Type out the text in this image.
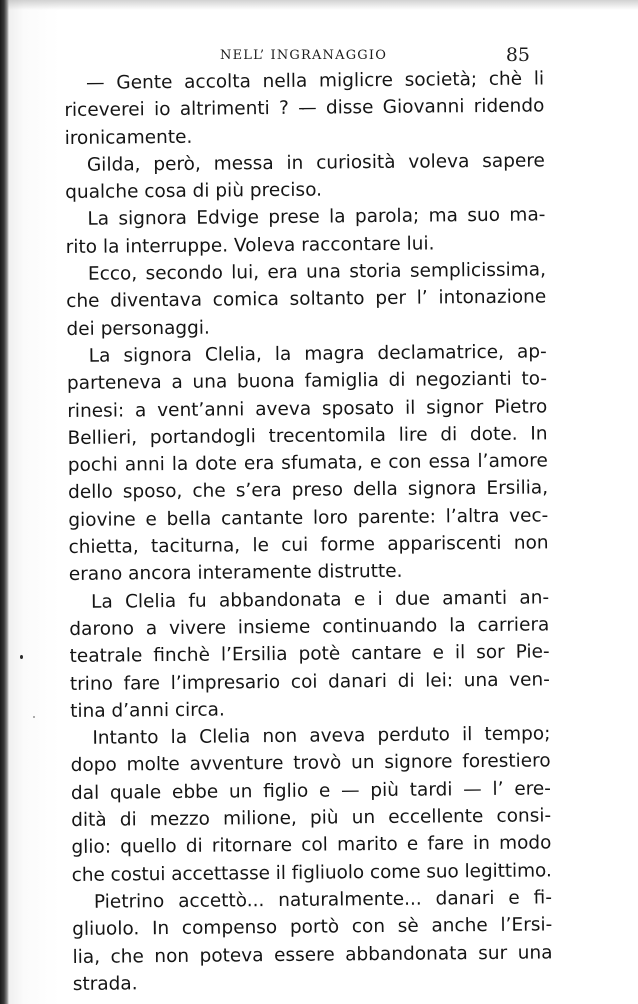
NELL’ INGRANAGGIO	85
— Gente accolta nella miglicre società; chè li
riceverei io altrimenti ? — disse Giovanni ridendo
ironicamente.
Gilda, però, messa in curiosità voleva sapere
qualche cosa di più preciso.
La signora Edvige prese la parola; ma suo ma-
rito la interruppe. Voleva raccontare lui.
Ecco, secondo lui, era una storia semplicissima,
che diventava comica soltanto per l’ intonazione
dei personaggi.
La signora Clelia, la magra declamatrice, ap-
parteneva a una buona famiglia di negozianti to-
rinesi: a vent’anni aveva sposato il signor Pietro
Bellieri, portandogli trecentomila lire di dote. In
pochi anni la dote era sfumata, e con essa l’amore
dello sposo, che s’era preso della signora Ersilia,
giovine e bella cantante loro parente: l’altra vec-
chietta, taciturna, le cui forme appariscenti non
erano ancora interamente distrutte.
La Clelia fu abbandonata e i due amanti an-
darono a vivere insieme continuando la carriera
teatrale finchè l’Ersilia potè cantare e il sor Pie-
trino fare l’impresario coi danari di lei: una ven-
tina d’anni circa.
Intanto la Clelia non aveva perduto il tempo;
dopo molte avventure trovò un signore forestiero
dal quale ebbe un figlio e — più tardi — l’ ere-
dità di mezzo milione, più un eccellente consi-
glio: quello di ritornare col marito e fare in modo
che costui accettasse il figliuolo come suo legittimo.
Pietrino accettò... naturalmente... danari e fi-
gliuolo. In compenso portò con sè anche l’Ersi-
lia, che non poteva essere abbandonata sur una
strada.
